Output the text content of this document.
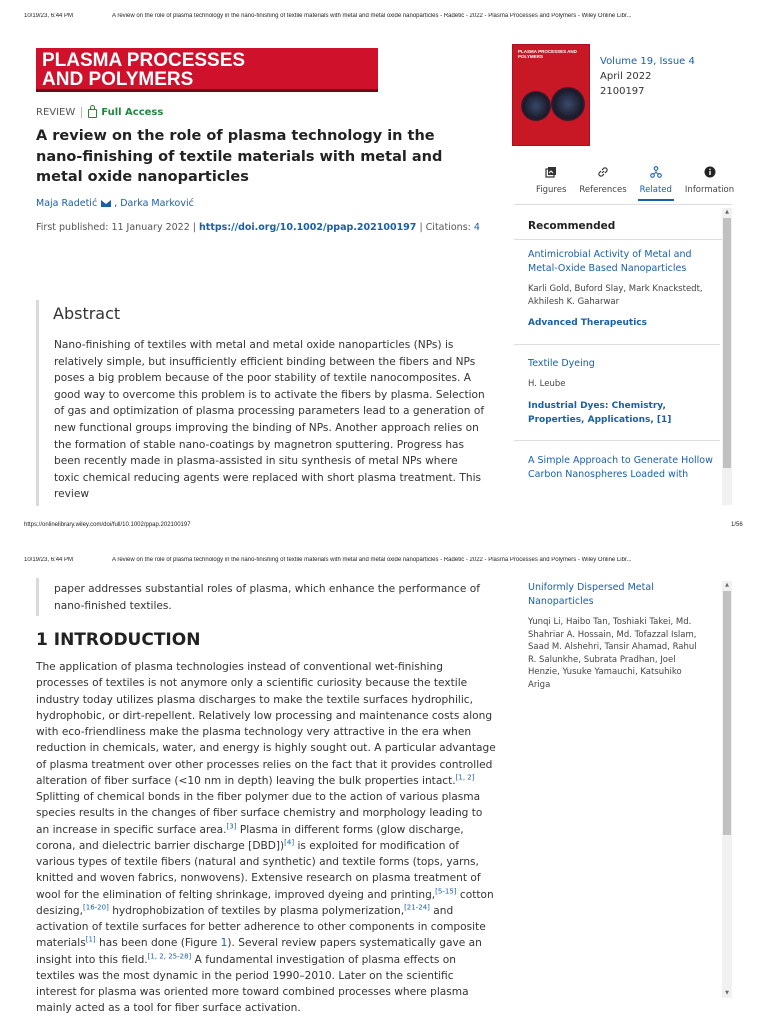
10/19/23, 6:44 PM	A review on the role of plasma technology in the nano-finishing of textile materials with metal and metal oxide nanoparticles - Radetić - 2022 - Plasma Processes and Polymers - Wiley Online Libr...
PLASMA PROCESSES
AND POLYMERS
REVIEW	Full Access
A review on the role of plasma technology in the nano-finishing of textile materials with metal and metal oxide nanoparticles
Maja Radetić , Darka Marković
First published: 11 January 2022 | https://doi.org/10.1002/ppap.202100197 | Citations: 4
Abstract

Nano-finishing of textiles with metal and metal oxide nanoparticles (NPs) is relatively simple, but insufficiently efficient binding between the fibers and NPs poses a big problem because of the poor stability of textile nanocomposites. A good way to overcome this problem is to activate the fibers by plasma. Selection of gas and optimization of plasma processing parameters lead to a generation of new functional groups improving the binding of NPs. Another approach relies on the formation of stable nano-coatings by magnetron sputtering. Progress has been recently made in plasma-assisted in situ synthesis of metal NPs where toxic chemical reducing agents were replaced with short plasma treatment. This review

PLASMA PROCESSES AND POLYMERS	Volume 19, Issue 4
April 2022
2100197
Figures References Related Information
Recommended
Antimicrobial Activity of Metal and Metal-Oxide Based Nanoparticles
Karli Gold, Buford Slay, Mark Knackstedt, Akhilesh K. Gaharwar
Advanced Therapeutics
Textile Dyeing
H. Leube
Industrial Dyes: Chemistry, Properties, Applications, [1]
A Simple Approach to Generate Hollow Carbon Nanospheres Loaded with
▲
https://onlinelibrary.wiley.com/doi/full/10.1002/ppap.202100197	1/56
10/19/23, 6:44 PM	A review on the role of plasma technology in the nano-finishing of textile materials with metal and metal oxide nanoparticles - Radetić - 2022 - Plasma Processes and Polymers - Wiley Online Libr...

paper addresses substantial roles of plasma, which enhance the performance of nano-finished textiles.

1 INTRODUCTION

The application of plasma technologies instead of conventional wet-finishing processes of textiles is not anymore only a scientific curiosity because the textile industry today utilizes plasma discharges to make the textile surfaces hydrophilic, hydrophobic, or dirt-repellent. Relatively low processing and maintenance costs along with eco-friendliness make the plasma technology very attractive in the era when reduction in chemicals, water, and energy is highly sought out. A particular advantage of plasma treatment over other processes relies on the fact that it provides controlled alteration of fiber surface (<10 nm in depth) leaving the bulk properties intact.[1, 2] Splitting of chemical bonds in the fiber polymer due to the action of various plasma species results in the changes of fiber surface chemistry and morphology leading to an increase in specific surface area.[3] Plasma in different forms (glow discharge, corona, and dielectric barrier discharge [DBD])[4] is exploited for modification of various types of textile fibers (natural and synthetic) and textile forms (tops, yarns, knitted and woven fabrics, nonwovens). Extensive research on plasma treatment of wool for the elimination of felting shrinkage, improved dyeing and printing,[5-15] cotton desizing,[16-20] hydrophobization of textiles by plasma polymerization,[21-24] and activation of textile surfaces for better adherence to other components in composite materials[1] has been done (Figure 1). Several review papers systematically gave an insight into this field.[1, 2, 25-28] A fundamental investigation of plasma effects on textiles was the most dynamic in the period 1990–2010. Later on the scientific interest for plasma was oriented more toward combined processes where plasma mainly acted as a tool for fiber surface activation.

Uniformly Dispersed Metal Nanoparticles
Yunqi Li, Haibo Tan, Toshiaki Takei, Md. Shahriar A. Hossain, Md. Tofazzal Islam, Saad M. Alshehri, Tansir Ahamad, Rahul R. Salunkhe, Subrata Pradhan, Joel Henzie, Yusuke Yamauchi, Katsuhiko Ariga
▲
▼
